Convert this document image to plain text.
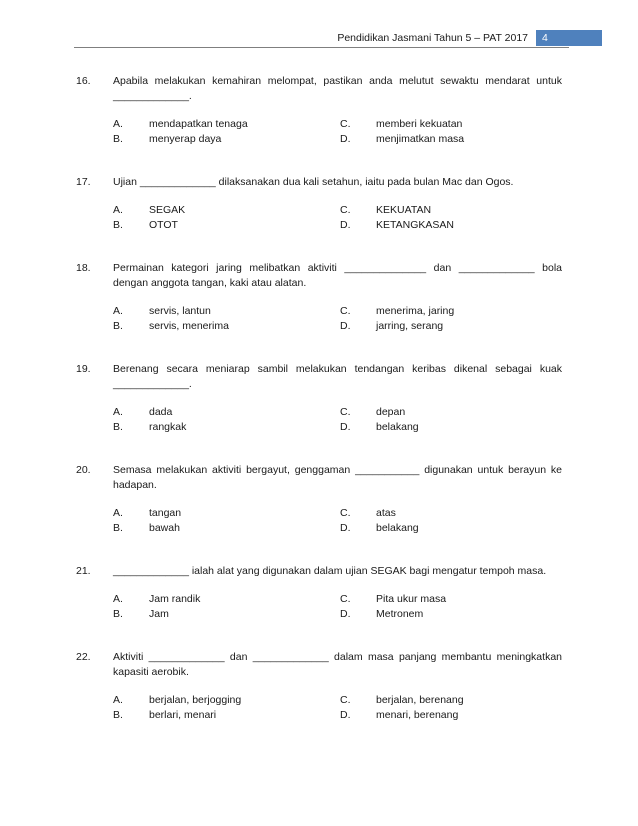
Pendidikan Jasmani Tahun 5 – PAT 2017	4
16.	Apabila melakukan kemahiran melompat, pastikan anda melutut sewaktu mendarat untuk _____________.
A.	mendapatkan tenaga	C.	memberi kekuatan
B.	menyerap daya	D.	menjimatkan masa
17.	Ujian _____________ dilaksanakan dua kali setahun, iaitu pada bulan Mac dan Ogos.
A.	SEGAK	C.	KEKUATAN
B.	OTOT	D.	KETANGKASAN
18.	Permainan kategori jaring melibatkan aktiviti ______________ dan _____________ bola dengan anggota tangan, kaki atau alatan.
A.	servis, lantun	C.	menerima, jaring
B.	servis, menerima	D.	jarring, serang
19.	Berenang secara meniarap sambil melakukan tendangan keribas dikenal sebagai kuak _____________.
A.	dada	C.	depan
B.	rangkak	D.	belakang
20.	Semasa melakukan aktiviti bergayut, genggaman ___________ digunakan untuk berayun ke hadapan.
A.	tangan	C.	atas
B.	bawah	D.	belakang
21.	_____________ ialah alat yang digunakan dalam ujian SEGAK bagi mengatur tempoh masa.
A.	Jam randik	C.	Pita ukur masa
B.	Jam	D.	Metronem
22.	Aktiviti _____________ dan _____________ dalam masa panjang membantu meningkatkan kapasiti aerobik.
A.	berjalan, berjogging	C.	berjalan, berenang
B.	berlari, menari	D.	menari, berenang
